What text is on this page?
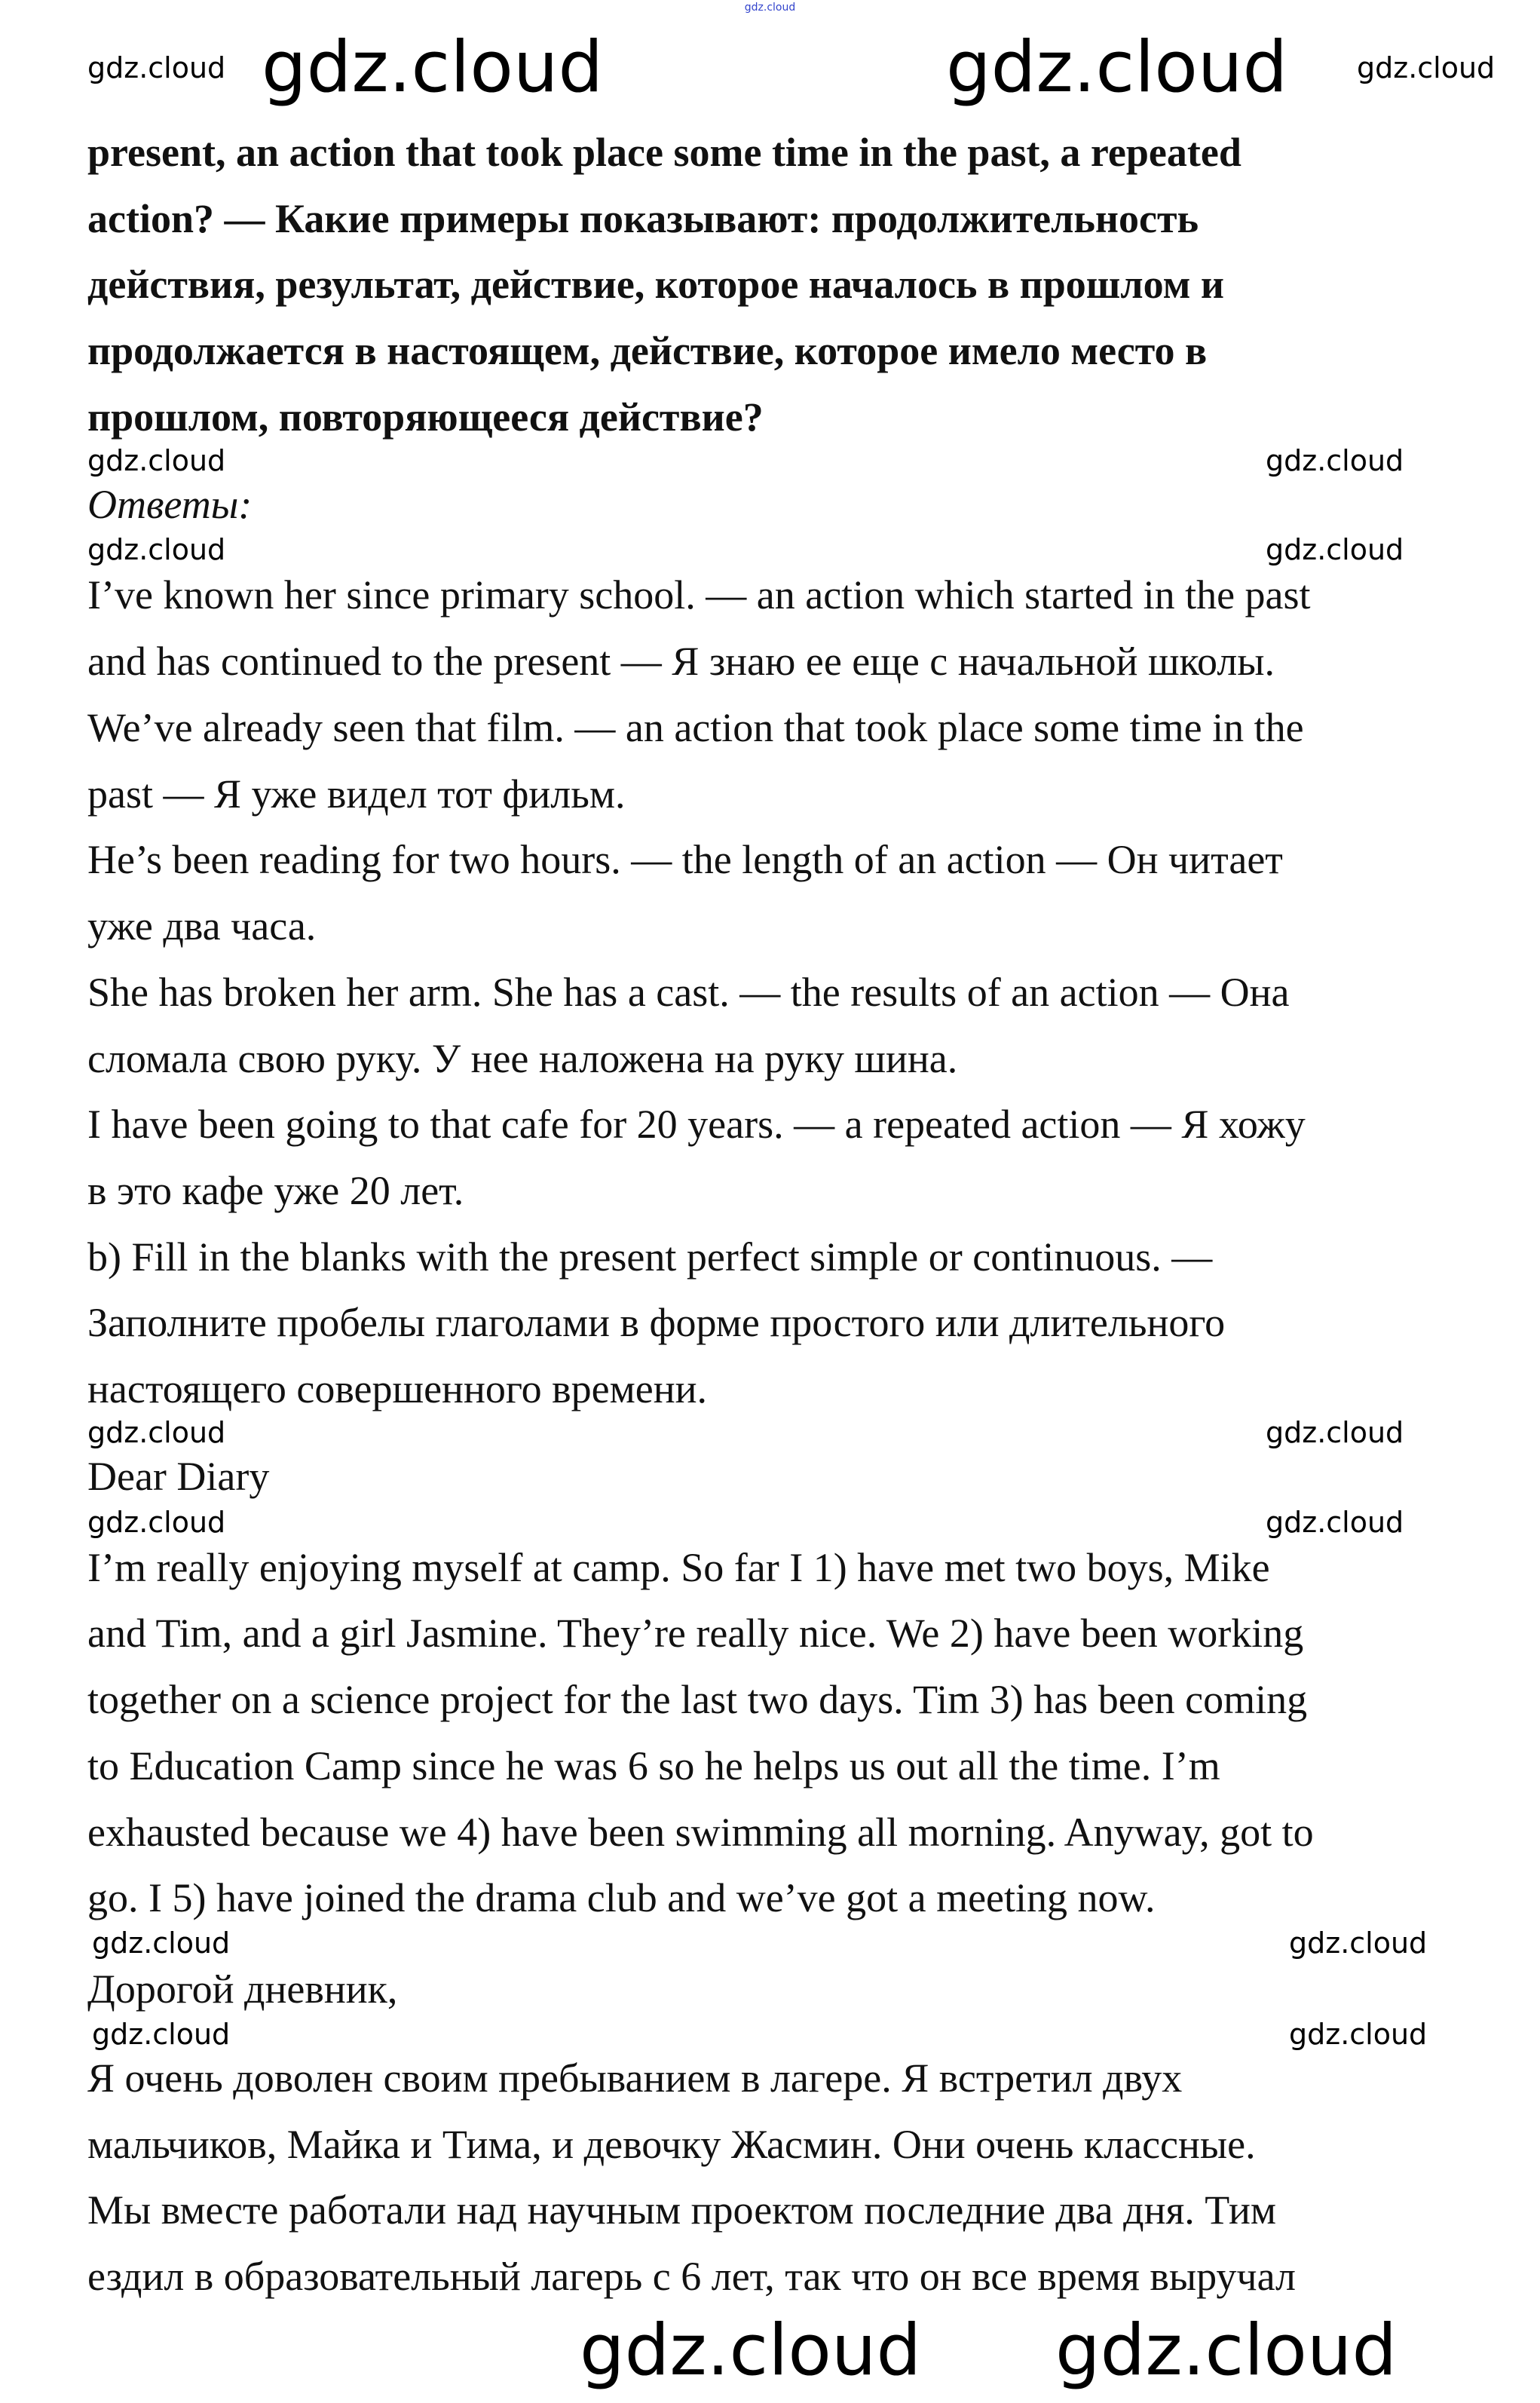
gdz.cloud
present, an action that took place some time in the past, a repeated
action? — Какие примеры показывают: продолжительность
действия, результат, действие, которое началось в прошлом и
продолжается в настоящем, действие, которое имело место в
прошлом, повторяющееся действие?
Ответы:
I’ve known her since primary school. — an action which started in the past
and has continued to the present — Я знаю ее еще с начальной школы.
We’ve already seen that film. — an action that took place some time in the
past — Я уже видел тот фильм.
He’s been reading for two hours. — the length of an action — Он читает
уже два часа.
She has broken her arm. She has a cast. — the results of an action — Она
сломала свою руку. У нее наложена на руку шина.
I have been going to that cafe for 20 years. — a repeated action — Я хожу
в это кафе уже 20 лет.
b) Fill in the blanks with the present perfect simple or continuous. —
Заполните пробелы глаголами в форме простого или длительного
настоящего совершенного времени.
Dear Diary
I’m really enjoying myself at camp. So far I 1) have met two boys, Mike
and Tim, and a girl Jasmine. They’re really nice. We 2) have been working
together on a science project for the last two days. Tim 3) has been coming
to Education Camp since he was 6 so he helps us out all the time. I’m
exhausted because we 4) have been swimming all morning. Anyway, got to
go. I 5) have joined the drama club and we’ve got a meeting now.
Дорогой дневник,
Я очень доволен своим пребыванием в лагере. Я встретил двух
мальчиков, Майка и Тима, и девочку Жасмин. Они очень классные.
Мы вместе работали над научным проектом последние два дня. Тим
ездил в образовательный лагерь с 6 лет, так что он все время выручал
gdz.cloud	gdz.cloud
gdz.cloud gdz.cloud
gdz.cloud	gdz.cloud
gdz.cloud	gdz.cloud
gdz.cloud	gdz.cloud
gdz.cloud	gdz.cloud
gdz.cloud	gdz.cloud
gdz.cloud	gdz.cloud
gdz.cloud	gdz.cloud
